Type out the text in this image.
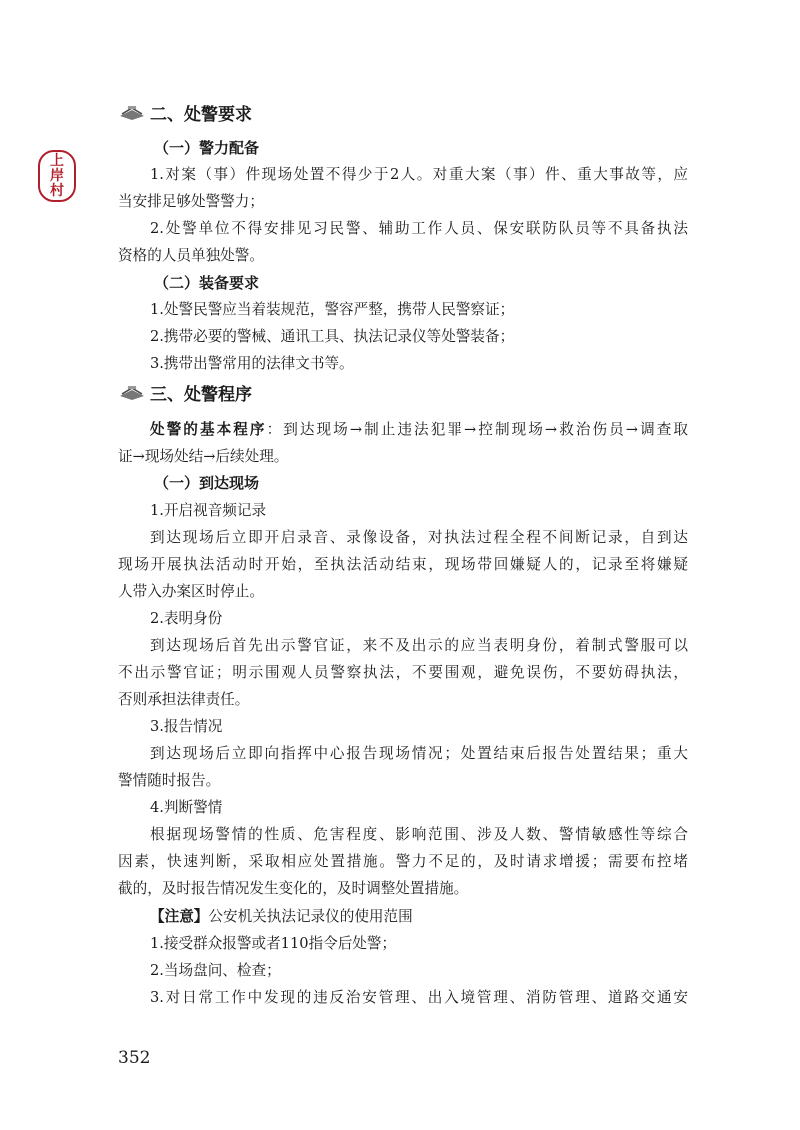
上
岸
村
二、处警要求
（一）警力配备
1.对案（事）件现场处置不得少于2人。对重大案（事）件、重大事故等，应
当安排足够处警警力；
2.处警单位不得安排见习民警、辅助工作人员、保安联防队员等不具备执法
资格的人员单独处警。
（二）装备要求
1.处警民警应当着装规范，警容严整，携带人民警察证；
2.携带必要的警械、通讯工具、执法记录仪等处警装备；
3.携带出警常用的法律文书等。
三、处警程序
处警的基本程序：到达现场→制止违法犯罪→控制现场→救治伤员→调查取
证→现场处结→后续处理。
（一）到达现场
1.开启视音频记录
到达现场后立即开启录音、录像设备，对执法过程全程不间断记录，自到达
现场开展执法活动时开始，至执法活动结束，现场带回嫌疑人的，记录至将嫌疑
人带入办案区时停止。
2.表明身份
到达现场后首先出示警官证，来不及出示的应当表明身份，着制式警服可以
不出示警官证；明示围观人员警察执法，不要围观，避免误伤，不要妨碍执法，
否则承担法律责任。
3.报告情况
到达现场后立即向指挥中心报告现场情况；处置结束后报告处置结果；重大
警情随时报告。
4.判断警情
根据现场警情的性质、危害程度、影响范围、涉及人数、警情敏感性等综合
因素，快速判断，采取相应处置措施。警力不足的，及时请求增援；需要布控堵
截的，及时报告情况发生变化的，及时调整处置措施。
【注意】公安机关执法记录仪的使用范围
1.接受群众报警或者110指令后处警；
2.当场盘问、检查；
3.对日常工作中发现的违反治安管理、出入境管理、消防管理、道路交通安
352
